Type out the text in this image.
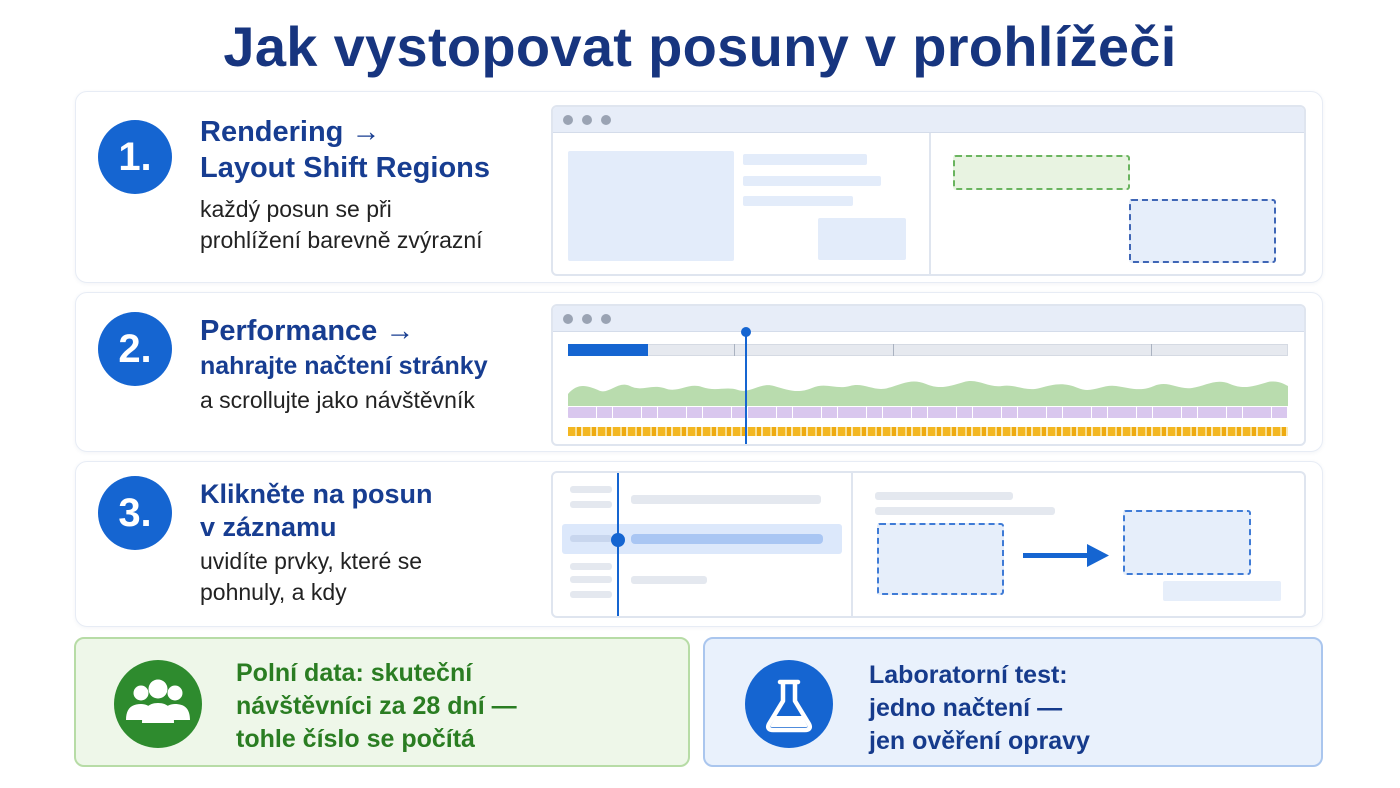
Jak vystopovat posuny v prohlížeči
1.
Rendering →
Layout Shift Regions
každý posun se při
prohlížení barevně zvýrazní
2.	Performance →
nahrajte načtení stránky
a scrollujte jako návštěvník
3.	Klikněte na posun
v záznamu
uvidíte prvky, které se
pohnuly, a kdy
Polní data: skuteční
návštěvníci za 28 dní —
tohle číslo se počítá
Laboratorní test:
jedno načtení —
jen ověření opravy
